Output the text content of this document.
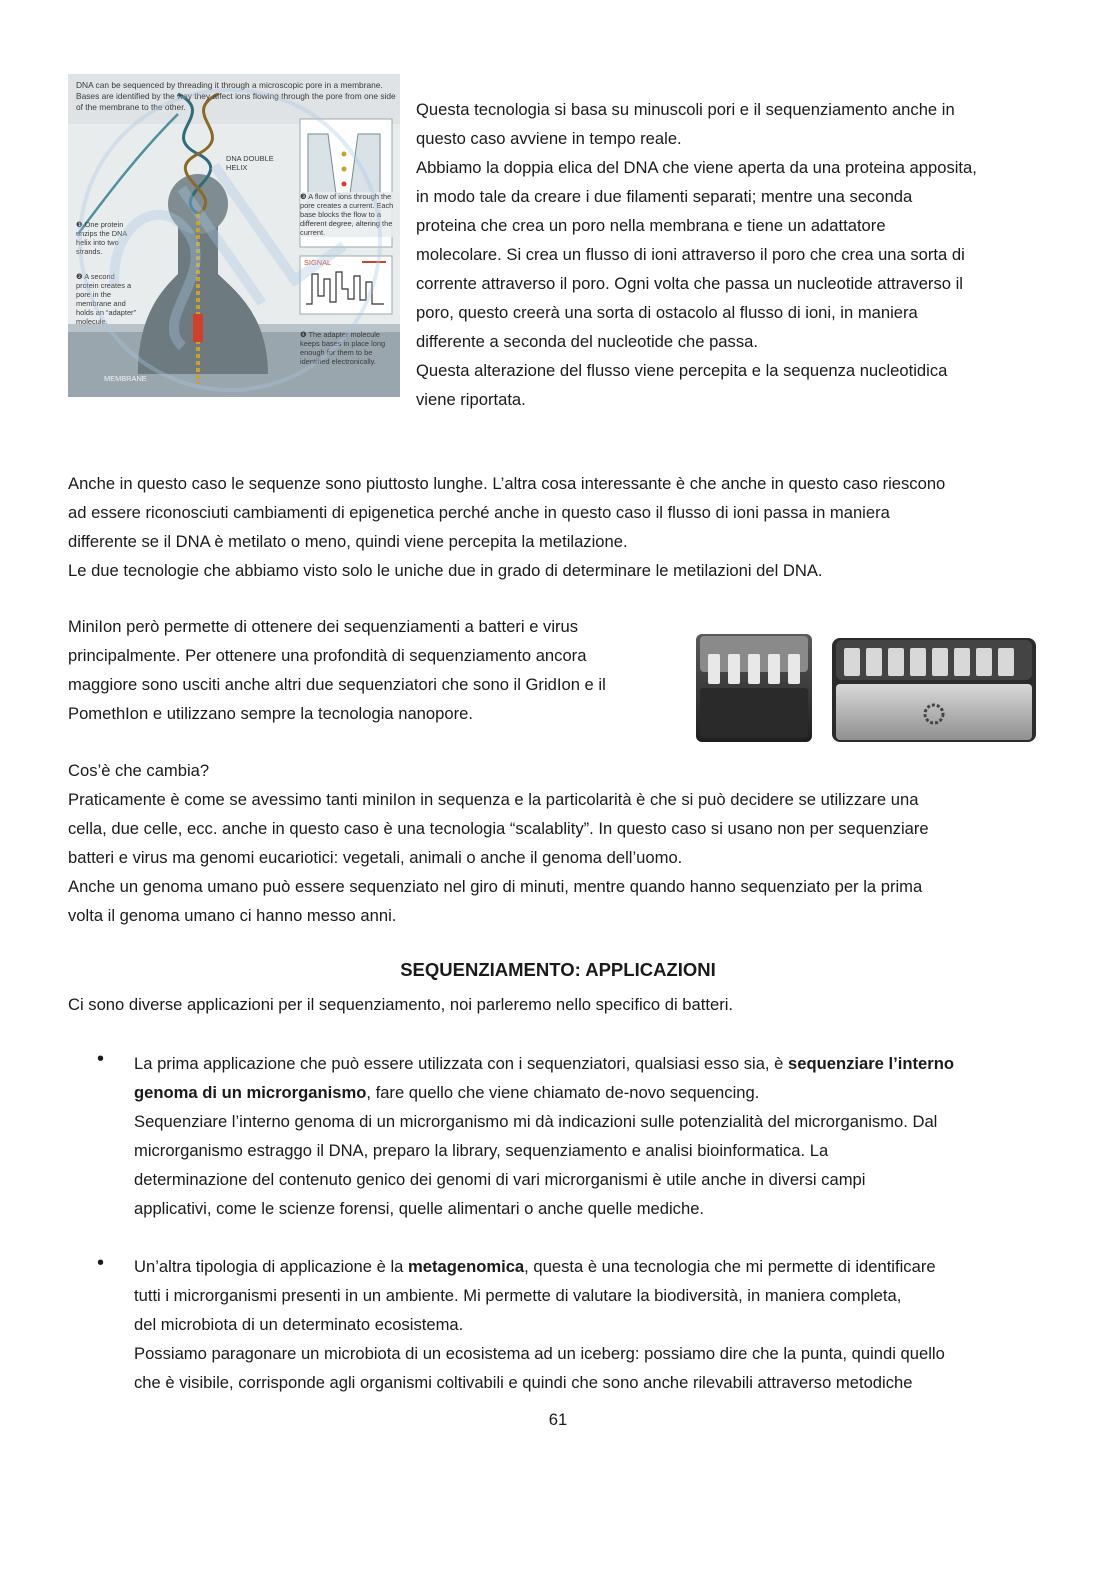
DNA can be sequenced by threading it through a microscopic pore in a membrane. Bases are identified by the way they affect ions flowing through the pore from one side of the membrane to the other.
DNA DOUBLE HELIX
❶ One protein unzips the DNA helix into two strands.
❷ A second protein creates a pore in the membrane and holds an “adapter” molecule.
❸ A flow of ions through the pore creates a current. Each base blocks the flow to a different degree, altering the current.
SIGNAL
❹ The adapter molecule keeps bases in place long enough for them to be identified electronically.
MEMBRANE
Questa tecnologia si basa su minuscoli pori e il sequenziamento anche in
questo caso avviene in tempo reale.
Abbiamo la doppia elica del DNA che viene aperta da una proteina apposita,
in modo tale da creare i due filamenti separati; mentre una seconda
proteina che crea un poro nella membrana e tiene un adattatore
molecolare. Si crea un flusso di ioni attraverso il poro che crea una sorta di
corrente attraverso il poro. Ogni volta che passa un nucleotide attraverso il
poro, questo creerà una sorta di ostacolo al flusso di ioni, in maniera
differente a seconda del nucleotide che passa.
Questa alterazione del flusso viene percepita e la sequenza nucleotidica
viene riportata.
Anche in questo caso le sequenze sono piuttosto lunghe. L’altra cosa interessante è che anche in questo caso riescono
ad essere riconosciuti cambiamenti di epigenetica perché anche in questo caso il flusso di ioni passa in maniera
differente se il DNA è metilato o meno, quindi viene percepita la metilazione.
Le due tecnologie che abbiamo visto solo le uniche due in grado di determinare le metilazioni del DNA.
MiniIon però permette di ottenere dei sequenziamenti a batteri e virus
principalmente. Per ottenere una profondità di sequenziamento ancora
maggiore sono usciti anche altri due sequenziatori che sono il GridIon e il
PomethIon e utilizzano sempre la tecnologia nanopore.
Cos’è che cambia?
Praticamente è come se avessimo tanti miniIon in sequenza e la particolarità è che si può decidere se utilizzare una
cella, due celle, ecc. anche in questo caso è una tecnologia “scalablity”. In questo caso si usano non per sequenziare
batteri e virus ma genomi eucariotici: vegetali, animali o anche il genoma dell’uomo.
Anche un genoma umano può essere sequenziato nel giro di minuti, mentre quando hanno sequenziato per la prima
volta il genoma umano ci hanno messo anni.
SEQUENZIAMENTO: APPLICAZIONI
Ci sono diverse applicazioni per il sequenziamento, noi parleremo nello specifico di batteri.
• La prima applicazione che può essere utilizzata con i sequenziatori, qualsiasi esso sia, è sequenziare l’interno
genoma di un microrganismo, fare quello che viene chiamato de-novo sequencing.
Sequenziare l’interno genoma di un microrganismo mi dà indicazioni sulle potenzialità del microrganismo. Dal
microrganismo estraggo il DNA, preparo la library, sequenziamento e analisi bioinformatica. La
determinazione del contenuto genico dei genomi di vari microrganismi è utile anche in diversi campi
applicativi, come le scienze forensi, quelle alimentari o anche quelle mediche.
• Un’altra tipologia di applicazione è la metagenomica, questa è una tecnologia che mi permette di identificare
tutti i microrganismi presenti in un ambiente. Mi permette di valutare la biodiversità, in maniera completa,
del microbiota di un determinato ecosistema.
Possiamo paragonare un microbiota di un ecosistema ad un iceberg: possiamo dire che la punta, quindi quello
che è visibile, corrisponde agli organismi coltivabili e quindi che sono anche rilevabili attraverso metodiche
61
